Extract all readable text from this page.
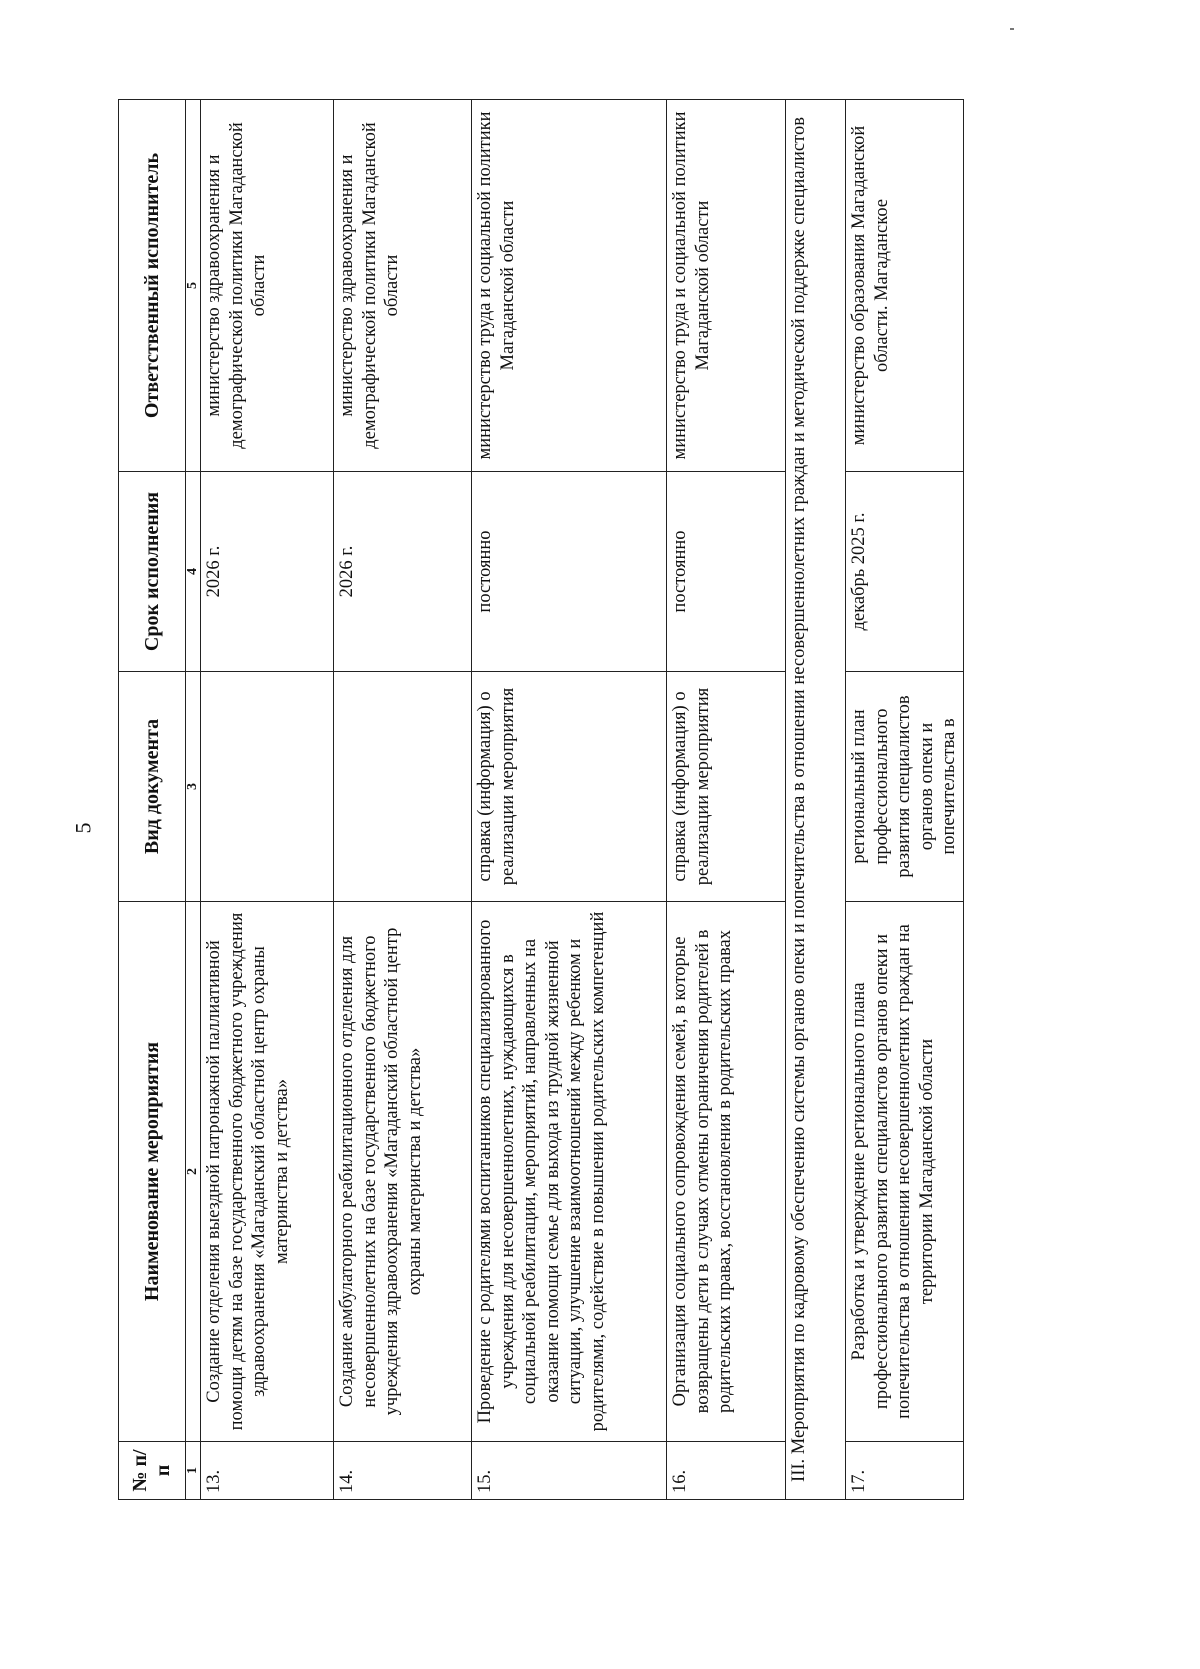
5
№ п/п	Наименование мероприятия	Вид документа	Срок исполнения	Ответственный исполнитель
1	2	3	4	5
13.	Создание отделения выездной патронажной паллиативной помощи детям на базе государственного бюджетного учреждения здравоохранения «Магаданский областной центр охраны материнства и детства»		2026 г.	министерство здравоохранения и демографической политики Магаданской области
14.	Создание амбулаторного реабилитационного отделения для несовершеннолетних на базе государственного бюджетного учреждения здравоохранения «Магаданский областной центр охраны материнства и детства»		2026 г.	министерство здравоохранения и демографической политики Магаданской области
15.	Проведение с родителями воспитанников специализированного учреждения для несовершеннолетних, нуждающихся в социальной реабилитации, мероприятий, направленных на оказание помощи семье для выхода из трудной жизненной ситуации, улучшение взаимоотношений между ребенком и родителями, содействие в повышении родительских компетенций	справка (информация) о реализации мероприятия	постоянно	министерство труда и социальной политики Магаданской области
16.	Организация социального сопровождения семей, в которые возвращены дети в случаях отмены ограничения родителей в родительских правах, восстановления в родительских правах	справка (информация) о реализации мероприятия	постоянно	министерство труда и социальной политики Магаданской области
III. Мероприятия по кадровому обеспечению системы органов опеки и попечительства в отношении несовершеннолетних граждан и методической поддержке специалистов				
17.	Разработка и утверждение регионального плана профессионального развития специалистов органов опеки и попечительства в отношении несовершеннолетних граждан на территории Магаданской области	региональный план профессионального развития специалистов органов опеки и попечительства в	декабрь 2025 г.	министерство образования Магаданской области. Магаданское
